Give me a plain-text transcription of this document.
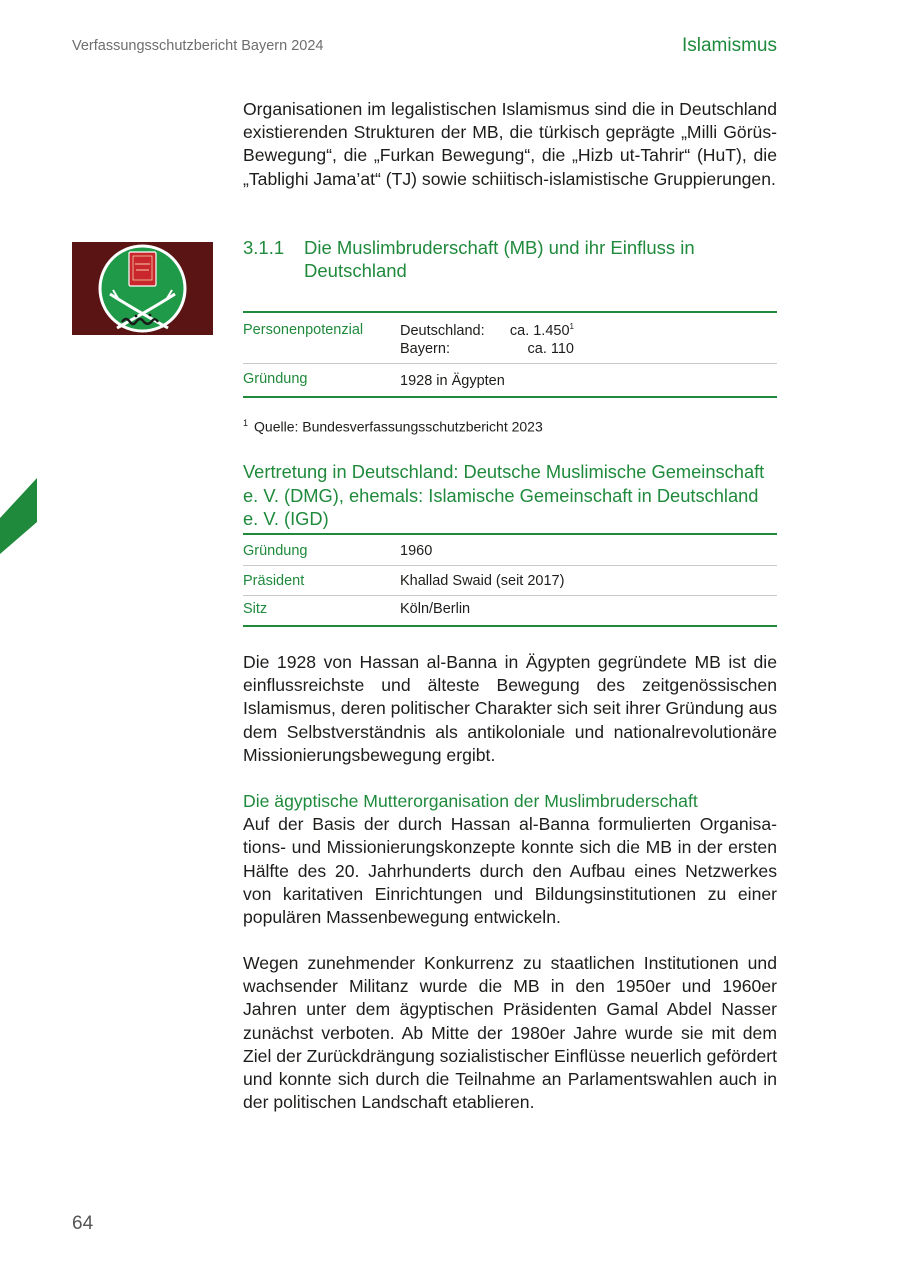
Verfassungsschutzbericht Bayern 2024	Islamismus

Organisationen im legalistischen Islamismus sind die in Deutschland existierenden Strukturen der MB, die türkisch geprägte „Milli Görüs-Bewegung“, die „Furkan Bewegung“, die „Hizb ut-Tahrir“ (HuT), die „Tablighi Jama’at“ (TJ) sowie schiitisch-islamistische Gruppierungen.

3.1.1	Die Muslimbruderschaft (MB) und ihr Einfluss in Deutschland
Personenpotenzial	Deutschland:	ca. 1.450$^1$
Bayern:	ca. 110
Gründung	1928 in Ägypten
$^1$ Quelle: Bundesverfassungsschutzbericht 2023
Vertretung in Deutschland: Deutsche Muslimische Gemeinschaft e. V. (DMG), ehemals: Islamische Gemeinschaft in Deutschland e. V. (IGD)
Gründung	1960
Präsident	Khallad Swaid (seit 2017)
Sitz	Köln/Berlin

Die 1928 von Hassan al-Banna in Ägypten gegründete MB ist die einflussreichste und älteste Bewegung des zeitgenössischen Islamismus, deren politischer Charakter sich seit ihrer Gründung aus dem Selbstverständnis als antikoloniale und nationalrevolutionäre Missionierungsbewegung ergibt.

Die ägyptische Mutterorganisation der Muslimbruderschaft
Auf der Basis der durch Hassan al-Banna formulierten Organisations- und Missionierungskonzepte konnte sich die MB in der ersten Hälfte des 20. Jahrhunderts durch den Aufbau eines Netzwerkes von karitativen Einrichtungen und Bildungsinstitutionen zu einer populären Massenbewegung entwickeln.

Wegen zunehmender Konkurrenz zu staatlichen Institutionen und wachsender Militanz wurde die MB in den 1950er und 1960er Jahren unter dem ägyptischen Präsidenten Gamal Abdel Nasser zunächst verboten. Ab Mitte der 1980er Jahre wurde sie mit dem Ziel der Zurückdrängung sozialistischer Einflüsse neuerlich gefördert und konnte sich durch die Teilnahme an Parlamentswahlen auch in der politischen Landschaft etablieren.

64
